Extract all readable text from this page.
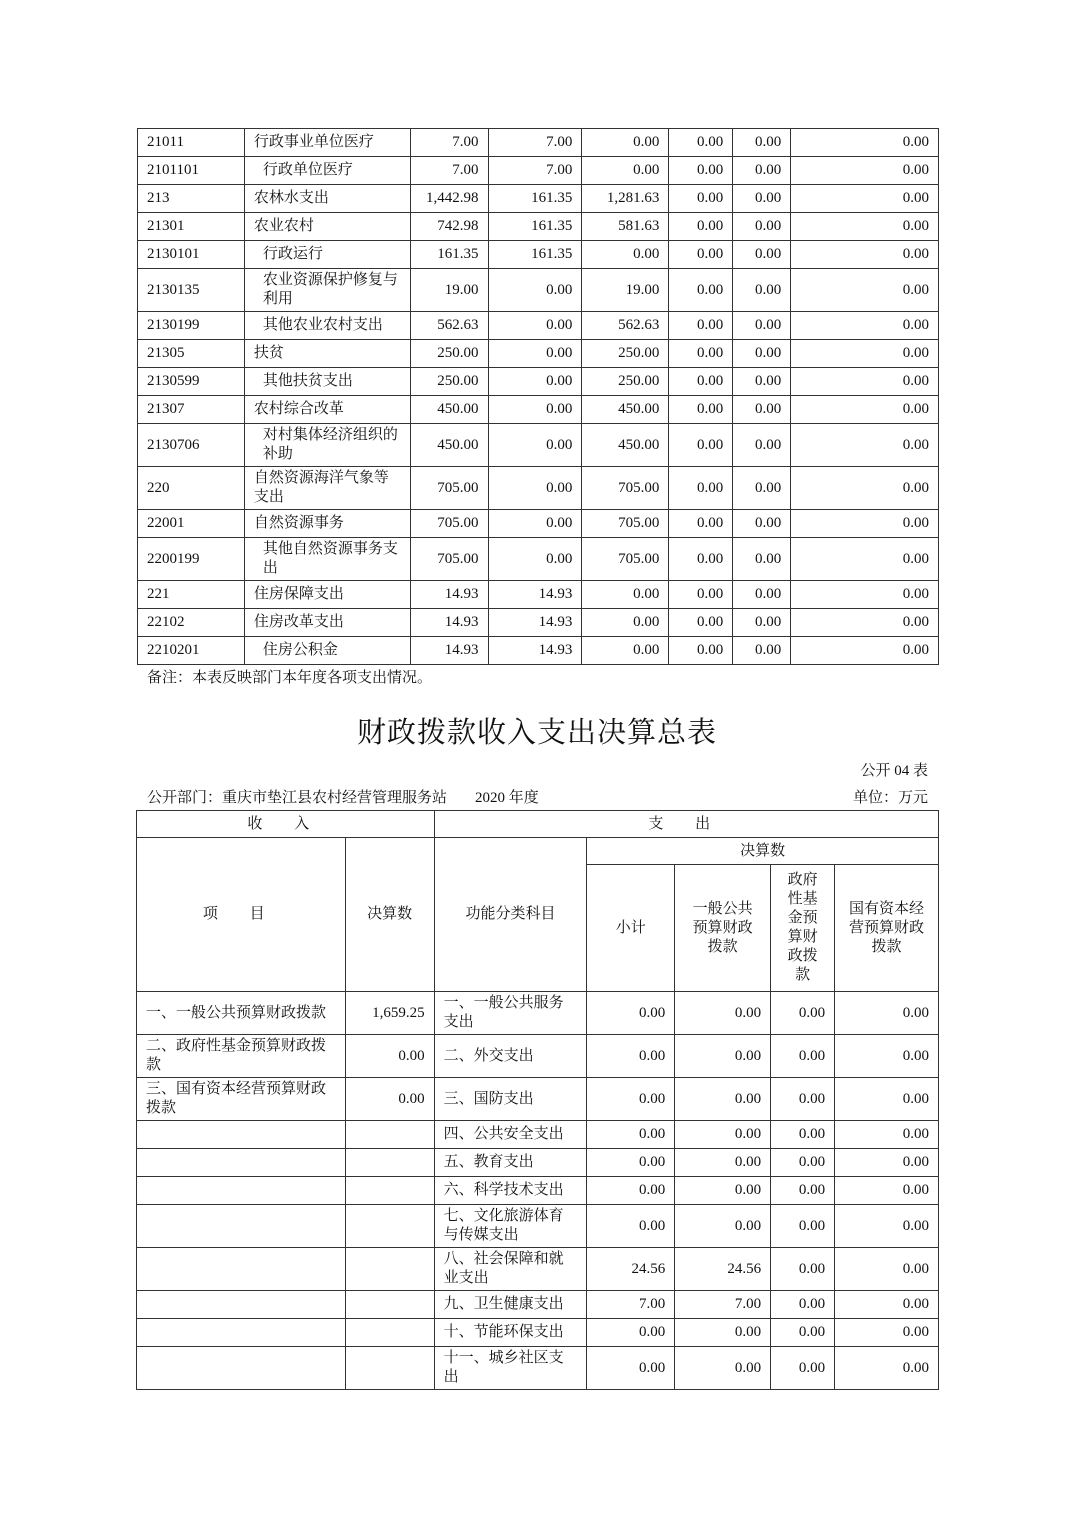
21011	行政事业单位医疗	7.00	7.00	0.00	0.00	0.00	0.00
2101101	行政单位医疗	7.00	7.00	0.00	0.00	0.00	0.00
213	农林水支出	1,442.98	161.35	1,281.63	0.00	0.00	0.00
21301	农业农村	742.98	161.35	581.63	0.00	0.00	0.00
2130101	行政运行	161.35	161.35	0.00	0.00	0.00	0.00
2130135	农业资源保护修复与利用	19.00	0.00	19.00	0.00	0.00	0.00
2130199	其他农业农村支出	562.63	0.00	562.63	0.00	0.00	0.00
21305	扶贫	250.00	0.00	250.00	0.00	0.00	0.00
2130599	其他扶贫支出	250.00	0.00	250.00	0.00	0.00	0.00
21307	农村综合改革	450.00	0.00	450.00	0.00	0.00	0.00
2130706	对村集体经济组织的补助	450.00	0.00	450.00	0.00	0.00	0.00
220	自然资源海洋气象等支出	705.00	0.00	705.00	0.00	0.00	0.00
22001	自然资源事务	705.00	0.00	705.00	0.00	0.00	0.00
2200199	其他自然资源事务支出	705.00	0.00	705.00	0.00	0.00	0.00
221	住房保障支出	14.93	14.93	0.00	0.00	0.00	0.00
22102	住房改革支出	14.93	14.93	0.00	0.00	0.00	0.00
2210201	住房公积金	14.93	14.93	0.00	0.00	0.00	0.00
备注：本表反映部门本年度各项支出情况。
财政拨款收入支出决算总表
公开 04 表
公开部门：重庆市垫江县农村经营管理服务站 2020 年度	单位：万元
收 入		支 出				
项 目	决算数	功能分类科目	决算数			
			小计	一般公共预算财政拨款	政府性基金预算财政拨款	国有资本经营预算财政拨款
一、一般公共预算财政拨款	1,659.25	一、一般公共服务支出	0.00	0.00	0.00	0.00
二、政府性基金预算财政拨款	0.00	二、外交支出	0.00	0.00	0.00	0.00
三、国有资本经营预算财政拨款	0.00	三、国防支出	0.00	0.00	0.00	0.00
		四、公共安全支出	0.00	0.00	0.00	0.00
		五、教育支出	0.00	0.00	0.00	0.00
		六、科学技术支出	0.00	0.00	0.00	0.00
		七、文化旅游体育与传媒支出	0.00	0.00	0.00	0.00
		八、社会保障和就业支出	24.56	24.56	0.00	0.00
		九、卫生健康支出	7.00	7.00	0.00	0.00
		十、节能环保支出	0.00	0.00	0.00	0.00
		十一、城乡社区支出	0.00	0.00	0.00	0.00
